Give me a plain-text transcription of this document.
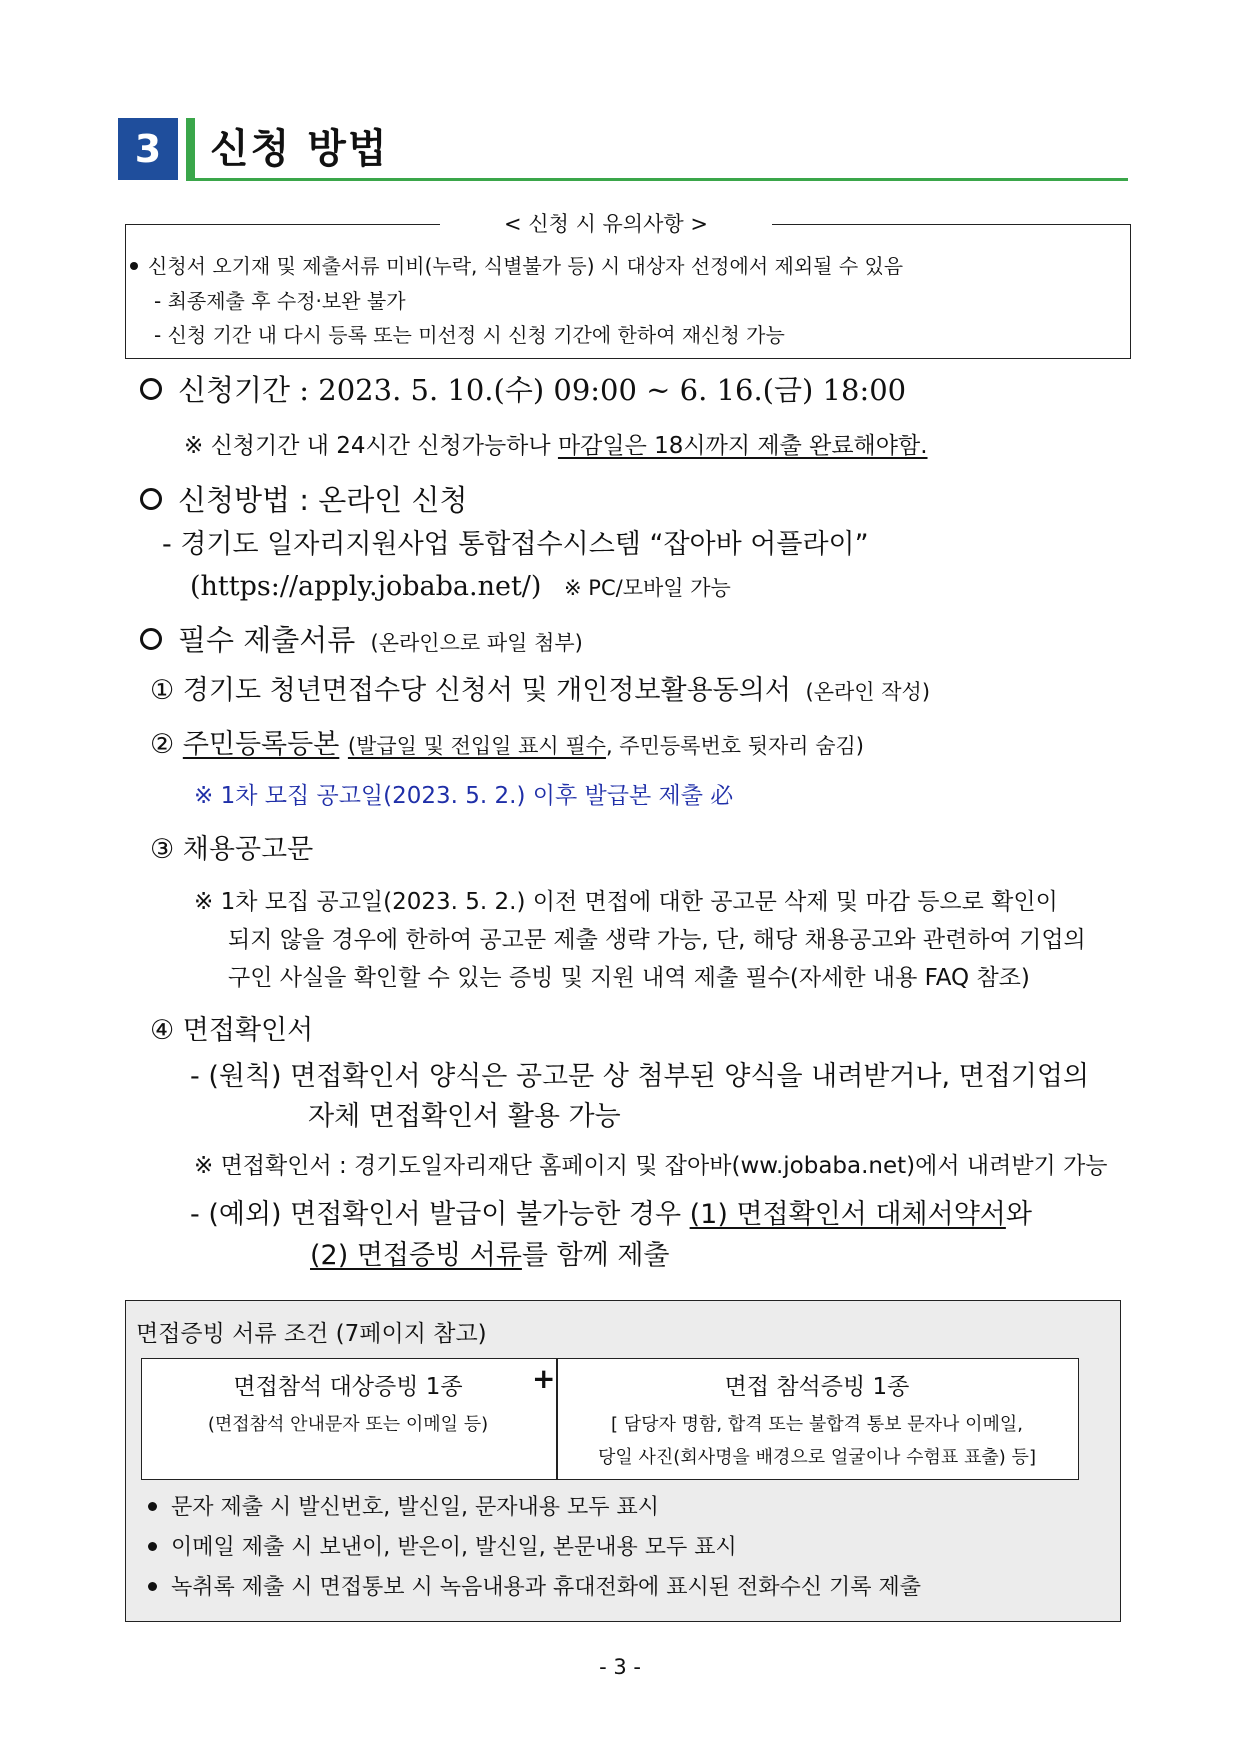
3	신청 방법
< 신청 시 유의사항 >
신청서 오기재 및 제출서류 미비(누락, 식별불가 등) 시 대상자 선정에서 제외될 수 있음
- 최종제출 후 수정·보완 불가
- 신청 기간 내 다시 등록 또는 미선정 시 신청 기간에 한하여 재신청 가능
신청기간 : 2023. 5. 10.(수) 09:00 ~ 6. 16.(금) 18:00
※ 신청기간 내 24시간 신청가능하나 마감일은 18시까지 제출 완료해야함.
신청방법 : 온라인 신청
- 경기도 일자리지원사업 통합접수시스템 “잡아바 어플라이”
(https://apply.jobaba.net/) ※ PC/모바일 가능
필수 제출서류 (온라인으로 파일 첨부)
① 경기도 청년면접수당 신청서 및 개인정보활용동의서 (온라인 작성)
② 주민등록등본 (발급일 및 전입일 표시 필수, 주민등록번호 뒷자리 숨김)
※ 1차 모집 공고일(2023. 5. 2.) 이후 발급본 제출 必
③ 채용공고문
※ 1차 모집 공고일(2023. 5. 2.) 이전 면접에 대한 공고문 삭제 및 마감 등으로 확인이
되지 않을 경우에 한하여 공고문 제출 생략 가능, 단, 해당 채용공고와 관련하여 기업의
구인 사실을 확인할 수 있는 증빙 및 지원 내역 제출 필수(자세한 내용 FAQ 참조)
④ 면접확인서
- (원칙) 면접확인서 양식은 공고문 상 첨부된 양식을 내려받거나, 면접기업의
자체 면접확인서 활용 가능
※ 면접확인서 : 경기도일자리재단 홈페이지 및 잡아바(ww.jobaba.net)에서 내려받기 가능
- (예외) 면접확인서 발급이 불가능한 경우 (1) 면접확인서 대체서약서와
(2) 면접증빙 서류를 함께 제출
면접증빙 서류 조건 (7페이지 참고)
+
면접참석 대상증빙 1종
(면접참석 안내문자 또는 이메일 등)
면접 참석증빙 1종
[ 담당자 명함, 합격 또는 불합격 통보 문자나 이메일,
당일 사진(회사명을 배경으로 얼굴이나 수험표 표출) 등]
문자 제출 시 발신번호, 발신일, 문자내용 모두 표시
이메일 제출 시 보낸이, 받은이, 발신일, 본문내용 모두 표시
녹취록 제출 시 면접통보 시 녹음내용과 휴대전화에 표시된 전화수신 기록 제출
- 3 -
